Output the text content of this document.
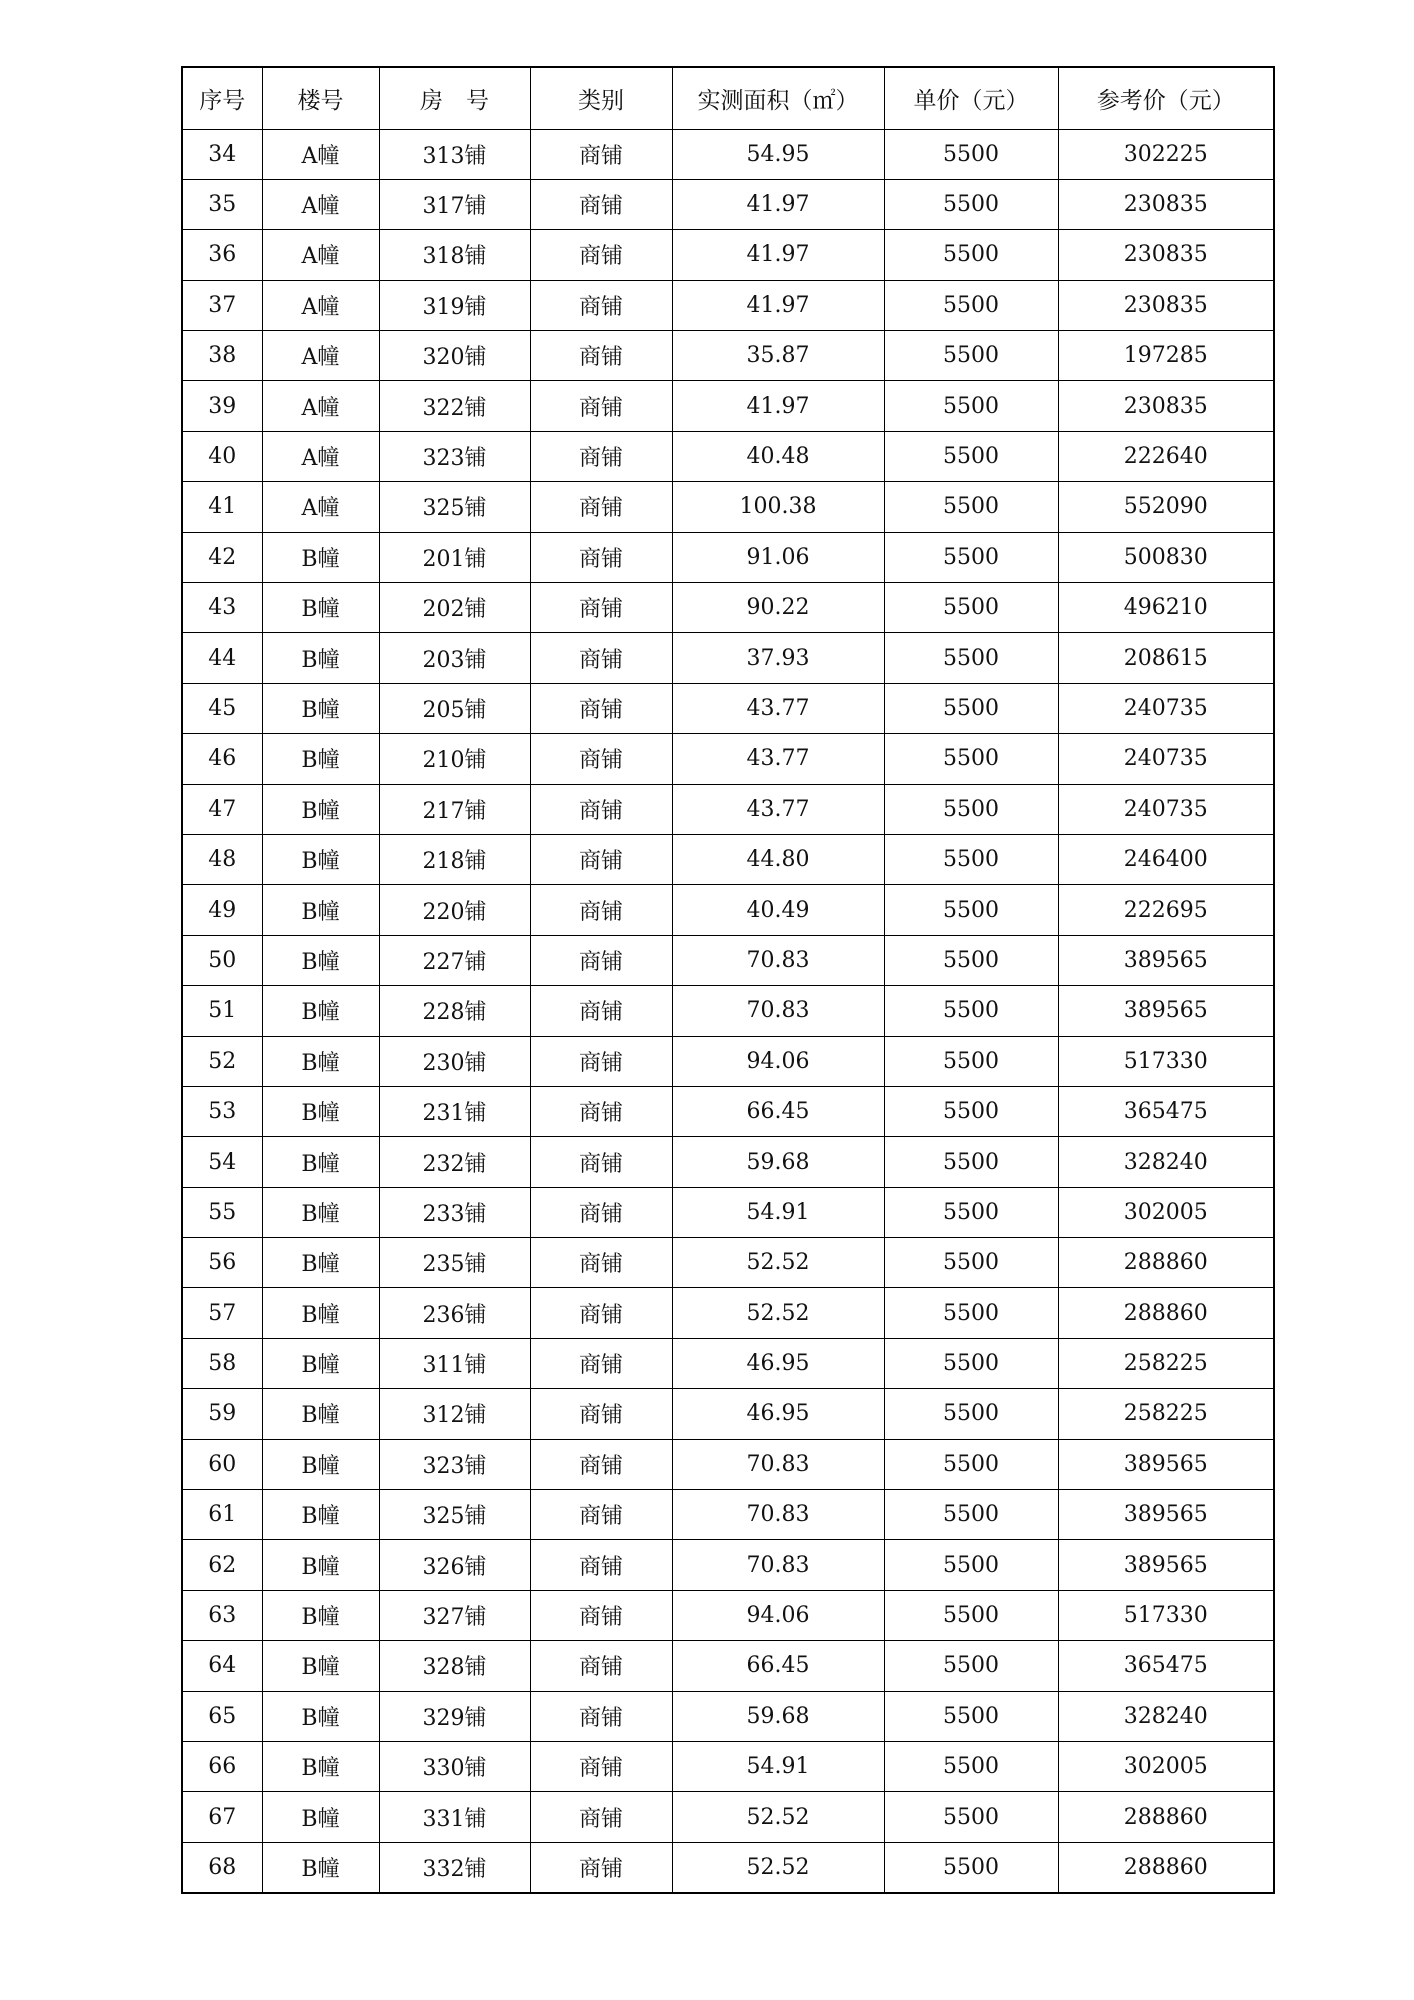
序号	楼号	房　号	类别	实测面积（㎡）	单价（元）	参考价（元）
34	A幢	313铺	商铺	54.95	5500	302225
35	A幢	317铺	商铺	41.97	5500	230835
36	A幢	318铺	商铺	41.97	5500	230835
37	A幢	319铺	商铺	41.97	5500	230835
38	A幢	320铺	商铺	35.87	5500	197285
39	A幢	322铺	商铺	41.97	5500	230835
40	A幢	323铺	商铺	40.48	5500	222640
41	A幢	325铺	商铺	100.38	5500	552090
42	B幢	201铺	商铺	91.06	5500	500830
43	B幢	202铺	商铺	90.22	5500	496210
44	B幢	203铺	商铺	37.93	5500	208615
45	B幢	205铺	商铺	43.77	5500	240735
46	B幢	210铺	商铺	43.77	5500	240735
47	B幢	217铺	商铺	43.77	5500	240735
48	B幢	218铺	商铺	44.80	5500	246400
49	B幢	220铺	商铺	40.49	5500	222695
50	B幢	227铺	商铺	70.83	5500	389565
51	B幢	228铺	商铺	70.83	5500	389565
52	B幢	230铺	商铺	94.06	5500	517330
53	B幢	231铺	商铺	66.45	5500	365475
54	B幢	232铺	商铺	59.68	5500	328240
55	B幢	233铺	商铺	54.91	5500	302005
56	B幢	235铺	商铺	52.52	5500	288860
57	B幢	236铺	商铺	52.52	5500	288860
58	B幢	311铺	商铺	46.95	5500	258225
59	B幢	312铺	商铺	46.95	5500	258225
60	B幢	323铺	商铺	70.83	5500	389565
61	B幢	325铺	商铺	70.83	5500	389565
62	B幢	326铺	商铺	70.83	5500	389565
63	B幢	327铺	商铺	94.06	5500	517330
64	B幢	328铺	商铺	66.45	5500	365475
65	B幢	329铺	商铺	59.68	5500	328240
66	B幢	330铺	商铺	54.91	5500	302005
67	B幢	331铺	商铺	52.52	5500	288860
68	B幢	332铺	商铺	52.52	5500	288860
